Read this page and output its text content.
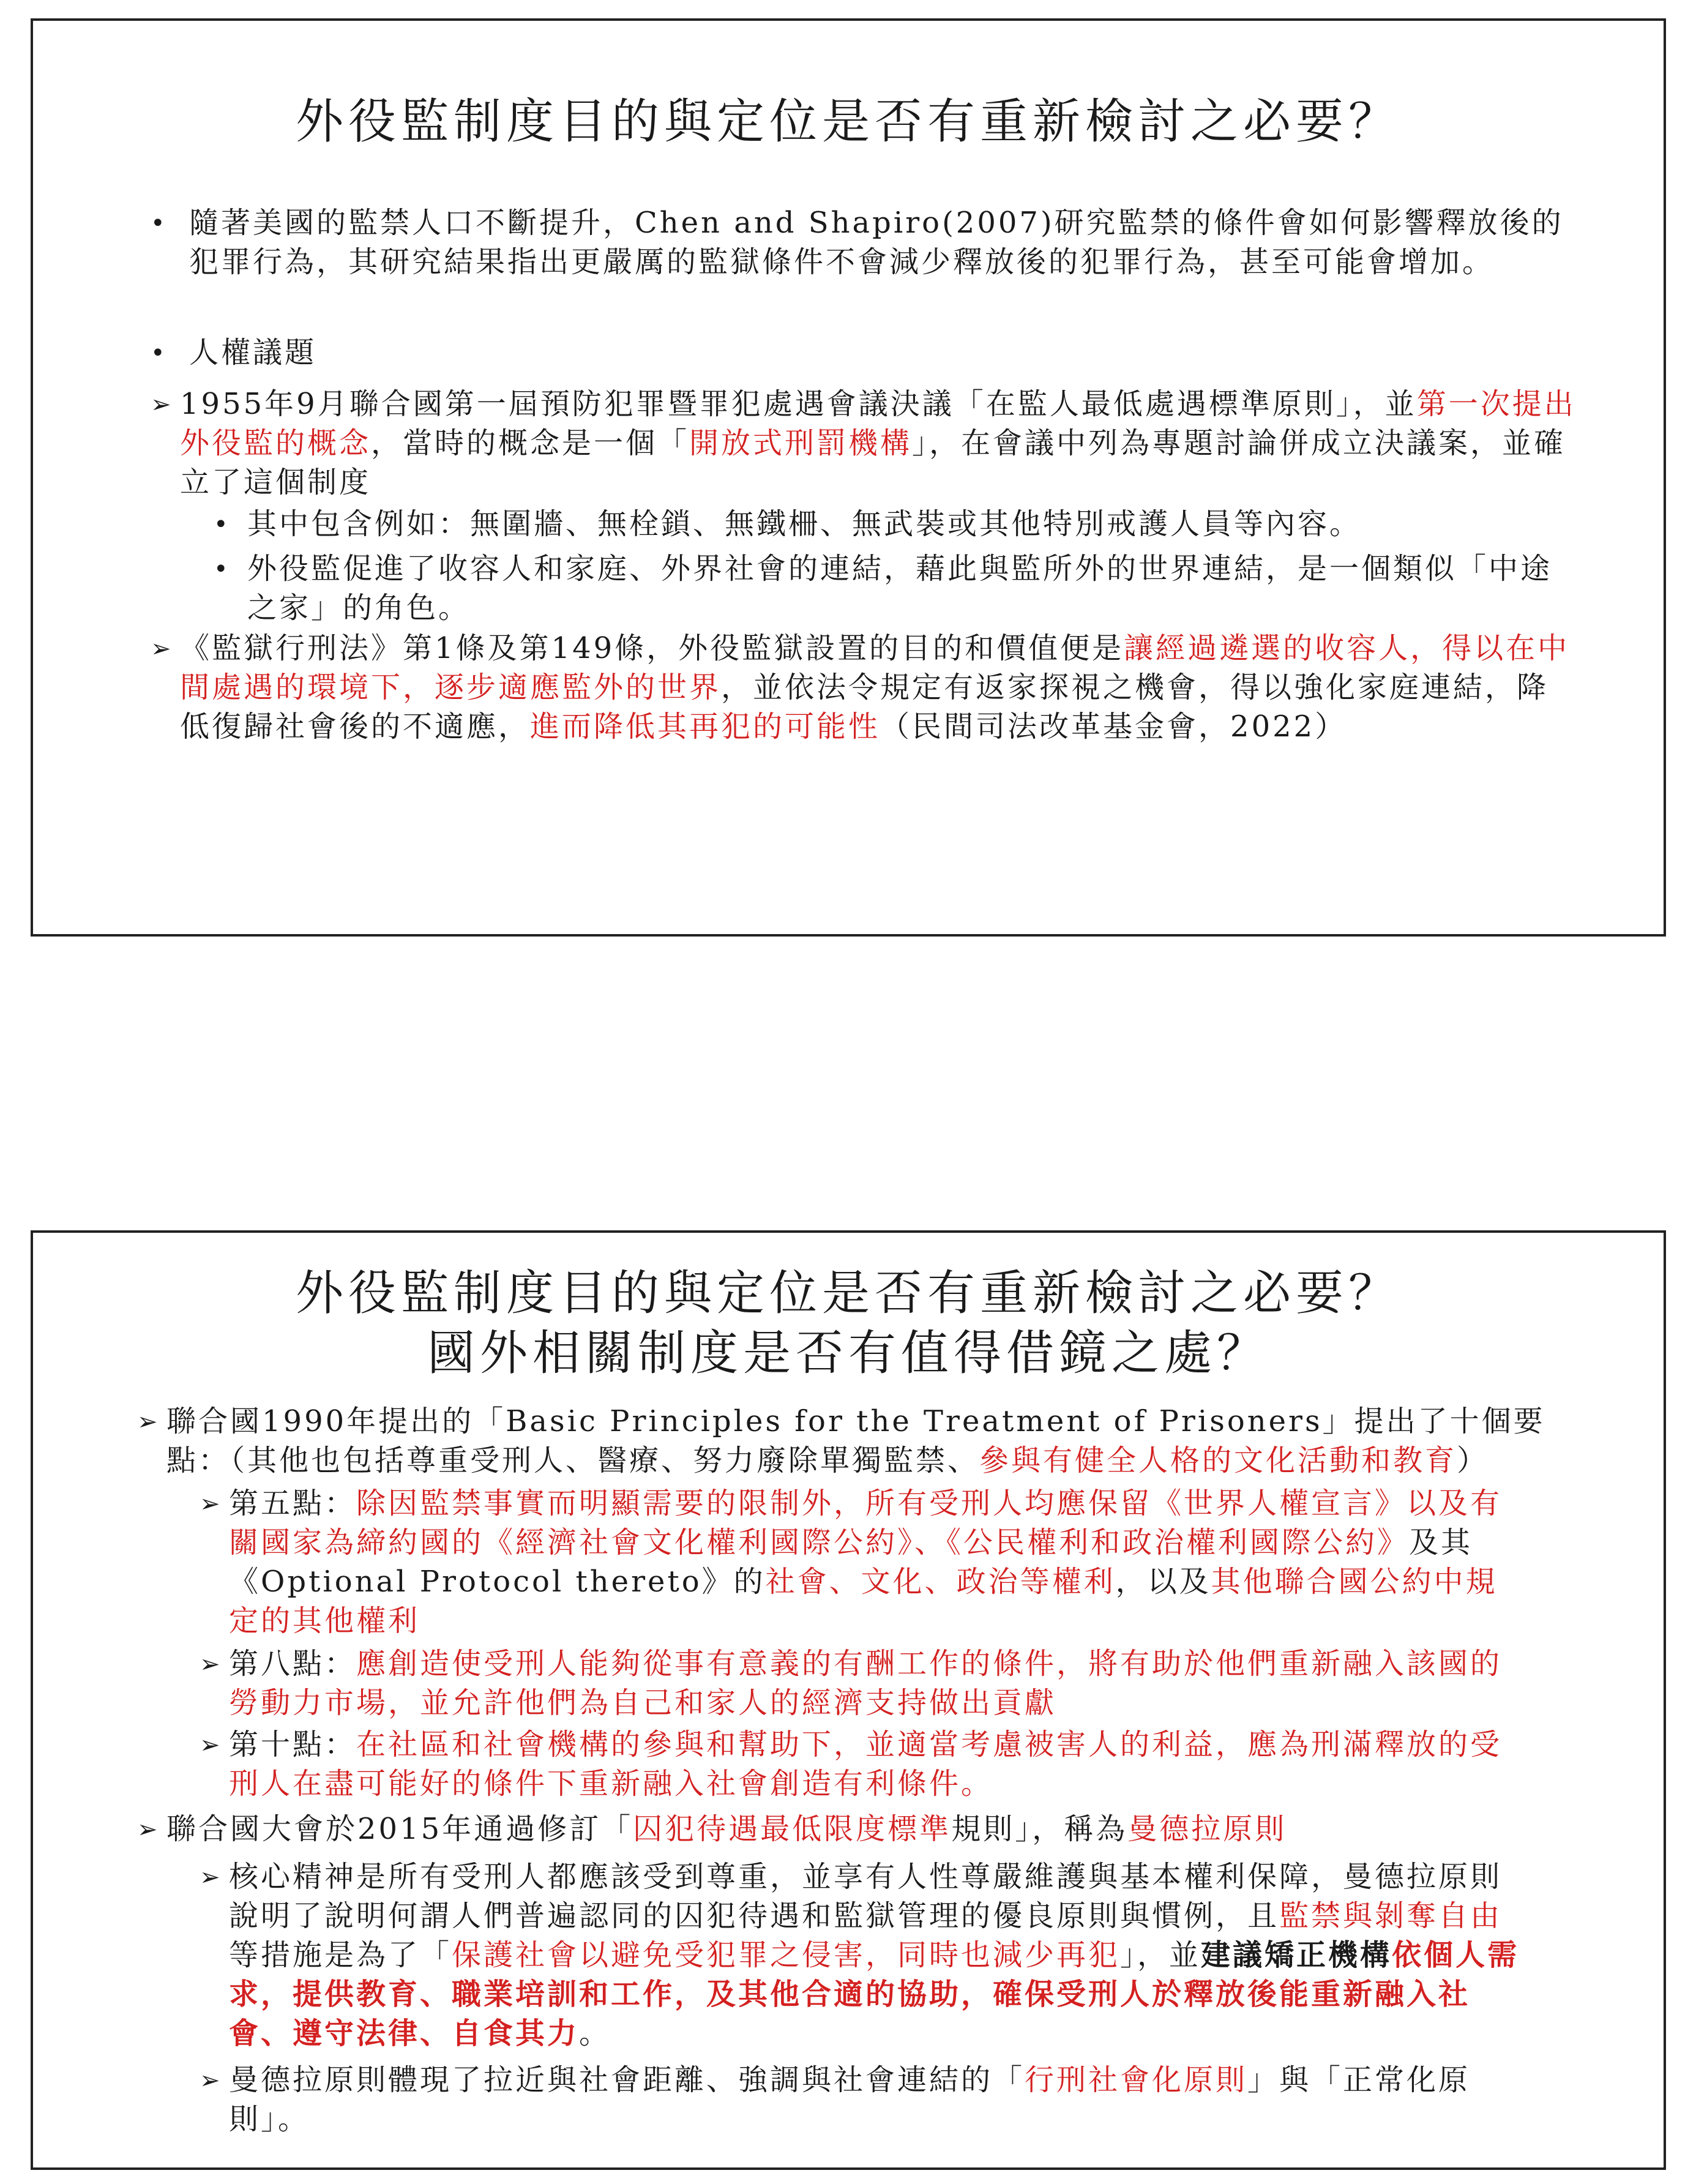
外役監制度目的與定位是否有重新檢討之必要？
• 隨著美國的監禁人口不斷提升，Chen and Shapiro(2007)研究監禁的條件會如何影響釋放後的犯罪行為，其研究結果指出更嚴厲的監獄條件不會減少釋放後的犯罪行為，甚至可能會增加。
• 人權議題
➢ 1955年9月聯合國第一屆預防犯罪暨罪犯處遇會議決議「在監人最低處遇標準原則」，並第一次提出外役監的概念，當時的概念是一個「開放式刑罰機構」，在會議中列為專題討論併成立決議案，並確立了這個制度
• 其中包含例如：無圍牆、無栓鎖、無鐵柵、無武裝或其他特別戒護人員等內容。
• 外役監促進了收容人和家庭、外界社會的連結，藉此與監所外的世界連結，是一個類似「中途之家」的角色。
➢ 《監獄行刑法》第1條及第149條，外役監獄設置的目的和價值便是讓經過遴選的收容人，得以在中間處遇的環境下，逐步適應監外的世界，並依法令規定有返家探視之機會，得以強化家庭連結，降低復歸社會後的不適應，進而降低其再犯的可能性（民間司法改革基金會，2022）
外役監制度目的與定位是否有重新檢討之必要？
國外相關制度是否有值得借鏡之處？
➢ 聯合國1990年提出的「Basic Principles for the Treatment of Prisoners」提出了十個要點：（其他也包括尊重受刑人、醫療、努力廢除單獨監禁、參與有健全人格的文化活動和教育）
➢ 第五點：除因監禁事實而明顯需要的限制外，所有受刑人均應保留《世界人權宣言》以及有關國家為締約國的《經濟社會文化權利國際公約》、《公民權利和政治權利國際公約》及其《Optional Protocol thereto》的社會、文化、政治等權利，以及其他聯合國公約中規定的其他權利
➢ 第八點：應創造使受刑人能夠從事有意義的有酬工作的條件，將有助於他們重新融入該國的勞動力市場，並允許他們為自己和家人的經濟支持做出貢獻
➢ 第十點：在社區和社會機構的參與和幫助下，並適當考慮被害人的利益，應為刑滿釋放的受刑人在盡可能好的條件下重新融入社會創造有利條件。
➢ 聯合國大會於2015年通過修訂「囚犯待遇最低限度標準規則」，稱為曼德拉原則
➢ 核心精神是所有受刑人都應該受到尊重，並享有人性尊嚴維護與基本權利保障，曼德拉原則說明了說明何謂人們普遍認同的囚犯待遇和監獄管理的優良原則與慣例，且監禁與剝奪自由等措施是為了「保護社會以避免受犯罪之侵害，同時也減少再犯」，並建議矯正機構依個人需求，提供教育、職業培訓和工作，及其他合適的協助，確保受刑人於釋放後能重新融入社會、遵守法律、自食其力。
➢ 曼德拉原則體現了拉近與社會距離、強調與社會連結的「行刑社會化原則」與「正常化原則」。
